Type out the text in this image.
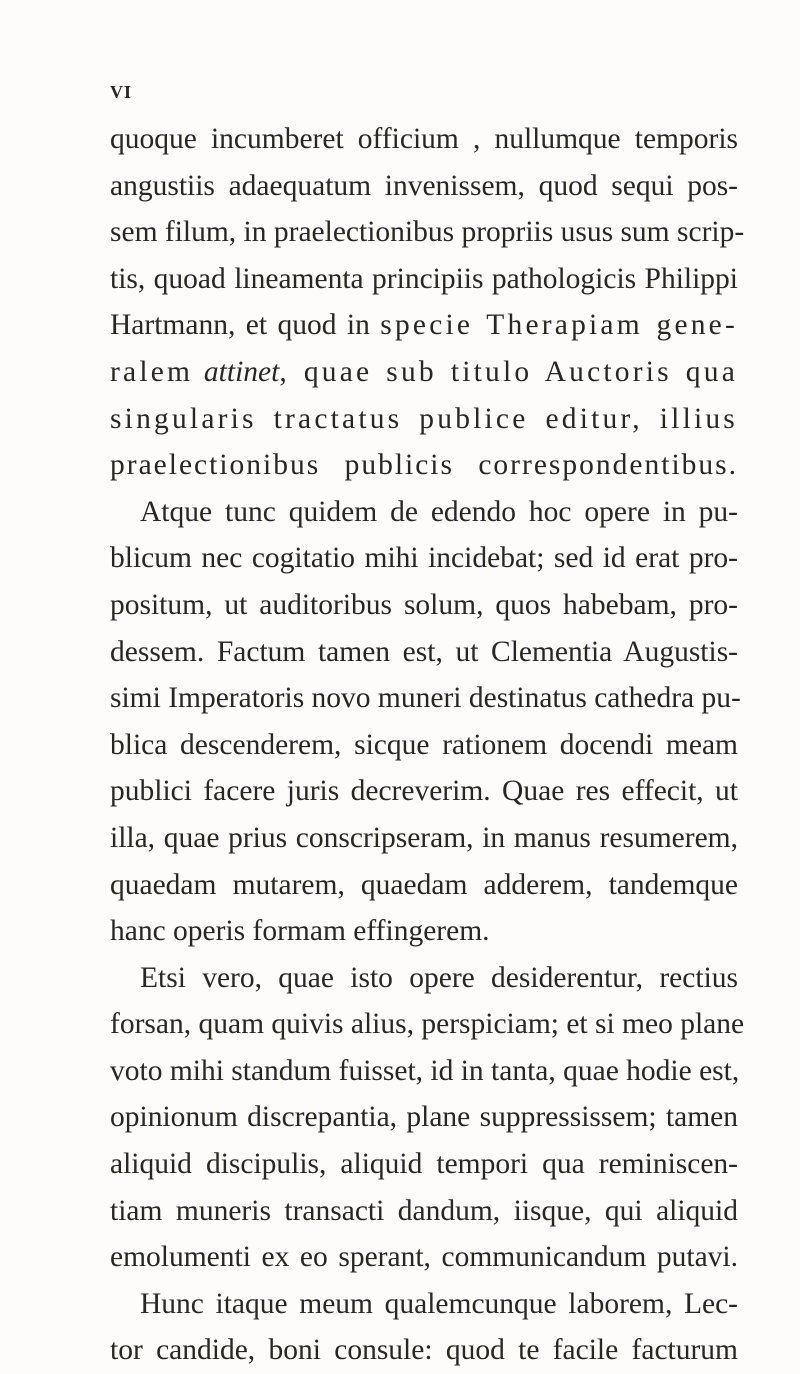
VI
quoque incumberet officium , nullumque temporis
angustiis adaequatum invenissem, quod sequi pos-
sem filum, in praelectionibus propriis usus sum scrip-
tis, quoad lineamenta principiis pathologicis Philippi
Hartmann, et quod in specie Therapiam gene-
ralem attinet, quae sub titulo Auctoris qua
singularis tractatus publice editur, illius
praelectionibus publicis correspondentibus.
Atque tunc quidem de edendo hoc opere in pu-
blicum nec cogitatio mihi incidebat; sed id erat pro-
positum, ut auditoribus solum, quos habebam, pro-
dessem. Factum tamen est, ut Clementia Augustis-
simi Imperatoris novo muneri destinatus cathedra pu-
blica descenderem, sicque rationem docendi meam
publici facere juris decreverim. Quae res effecit, ut
illa, quae prius conscripseram, in manus resumerem,
quaedam mutarem, quaedam adderem, tandemque
hanc operis formam effingerem.
Etsi vero, quae isto opere desiderentur, rectius
forsan, quam quivis alius, perspiciam; et si meo plane
voto mihi standum fuisset, id in tanta, quae hodie est,
opinionum discrepantia, plane suppressissem; tamen
aliquid discipulis, aliquid tempori qua reminiscen-
tiam muneris transacti dandum, iisque, qui aliquid
emolumenti ex eo sperant, communicandum putavi.
Hunc itaque meum qualemcunque laborem, Lec-
tor candide, boni consule: quod te facile facturum
